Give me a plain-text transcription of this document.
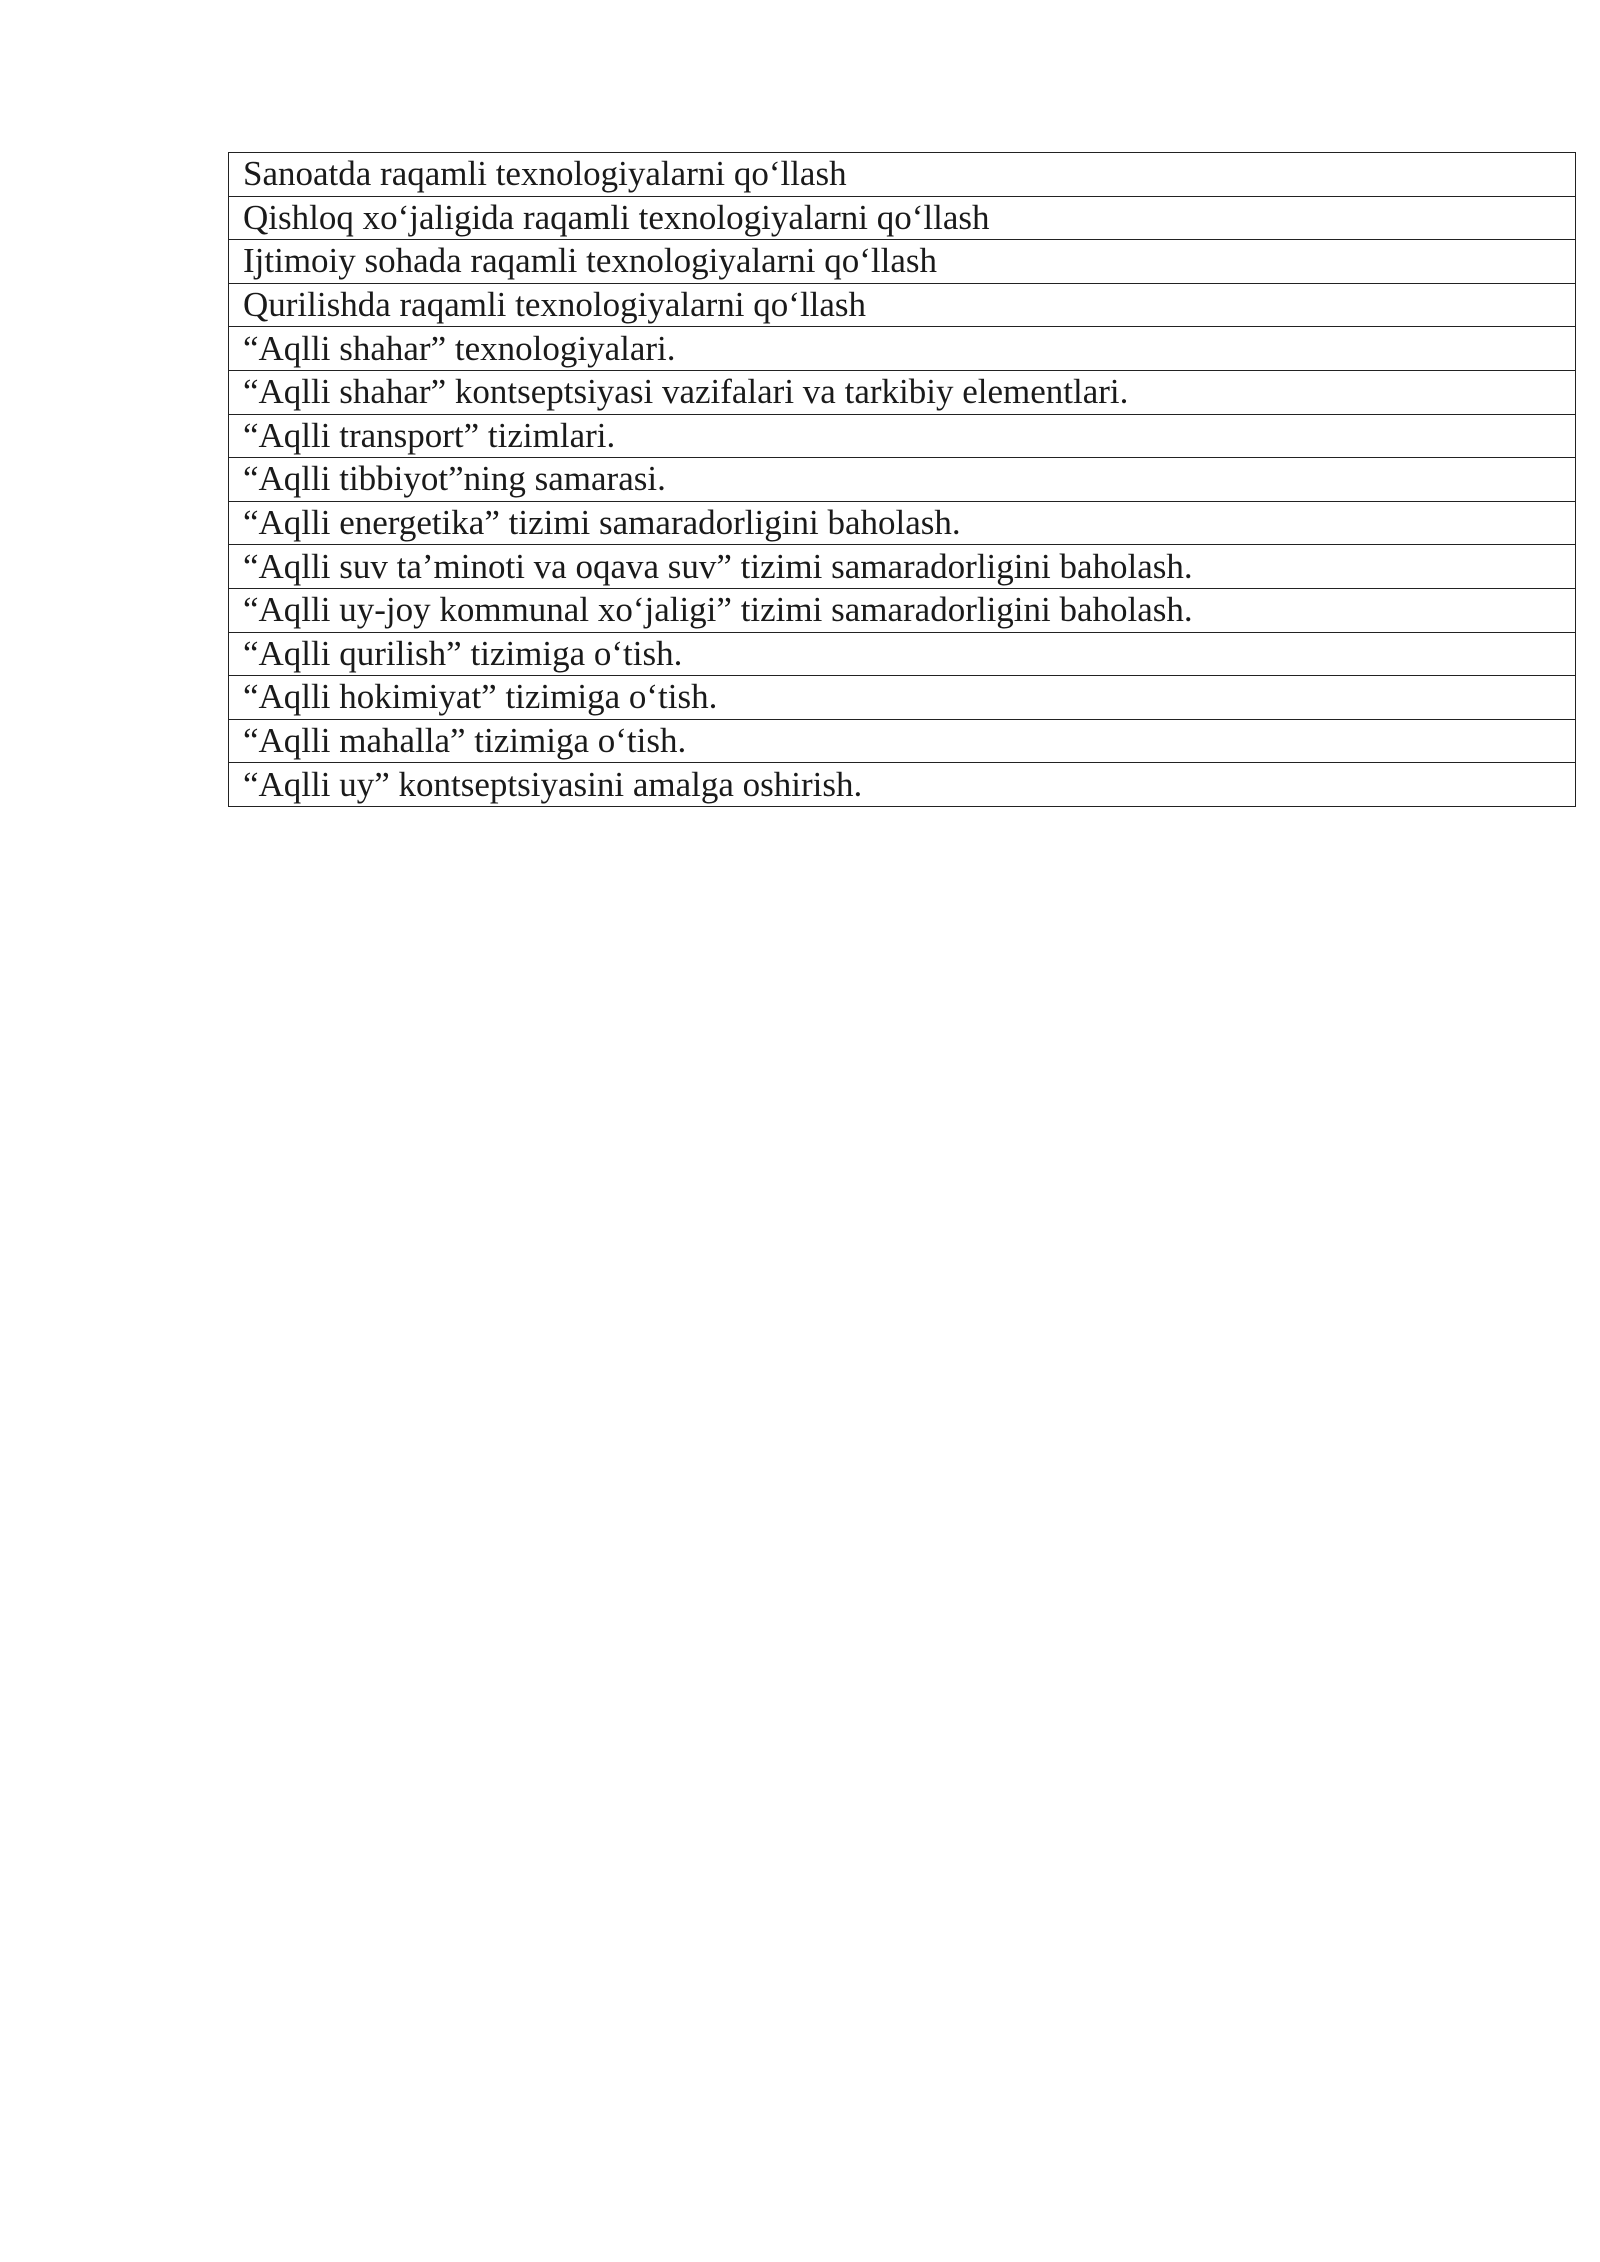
Sanoatda raqamli texnologiyalarni qo‘llash
Qishloq xo‘jaligida raqamli texnologiyalarni qo‘llash
Ijtimoiy sohada raqamli texnologiyalarni qo‘llash
Qurilishda raqamli texnologiyalarni qo‘llash
“Aqlli shahar” texnologiyalari.
“Aqlli shahar” kontseptsiyasi vazifalari va tarkibiy elementlari.
“Aqlli transport” tizimlari.
“Aqlli tibbiyot”ning samarasi.
“Aqlli energetika” tizimi samaradorligini baholash.
“Aqlli suv ta’minoti va oqava suv” tizimi samaradorligini baholash.
“Aqlli uy-joy kommunal xo‘jaligi” tizimi samaradorligini baholash.
“Aqlli qurilish” tizimiga o‘tish.
“Aqlli hokimiyat” tizimiga o‘tish.
“Aqlli mahalla” tizimiga o‘tish.
“Aqlli uy” kontseptsiyasini amalga oshirish.
